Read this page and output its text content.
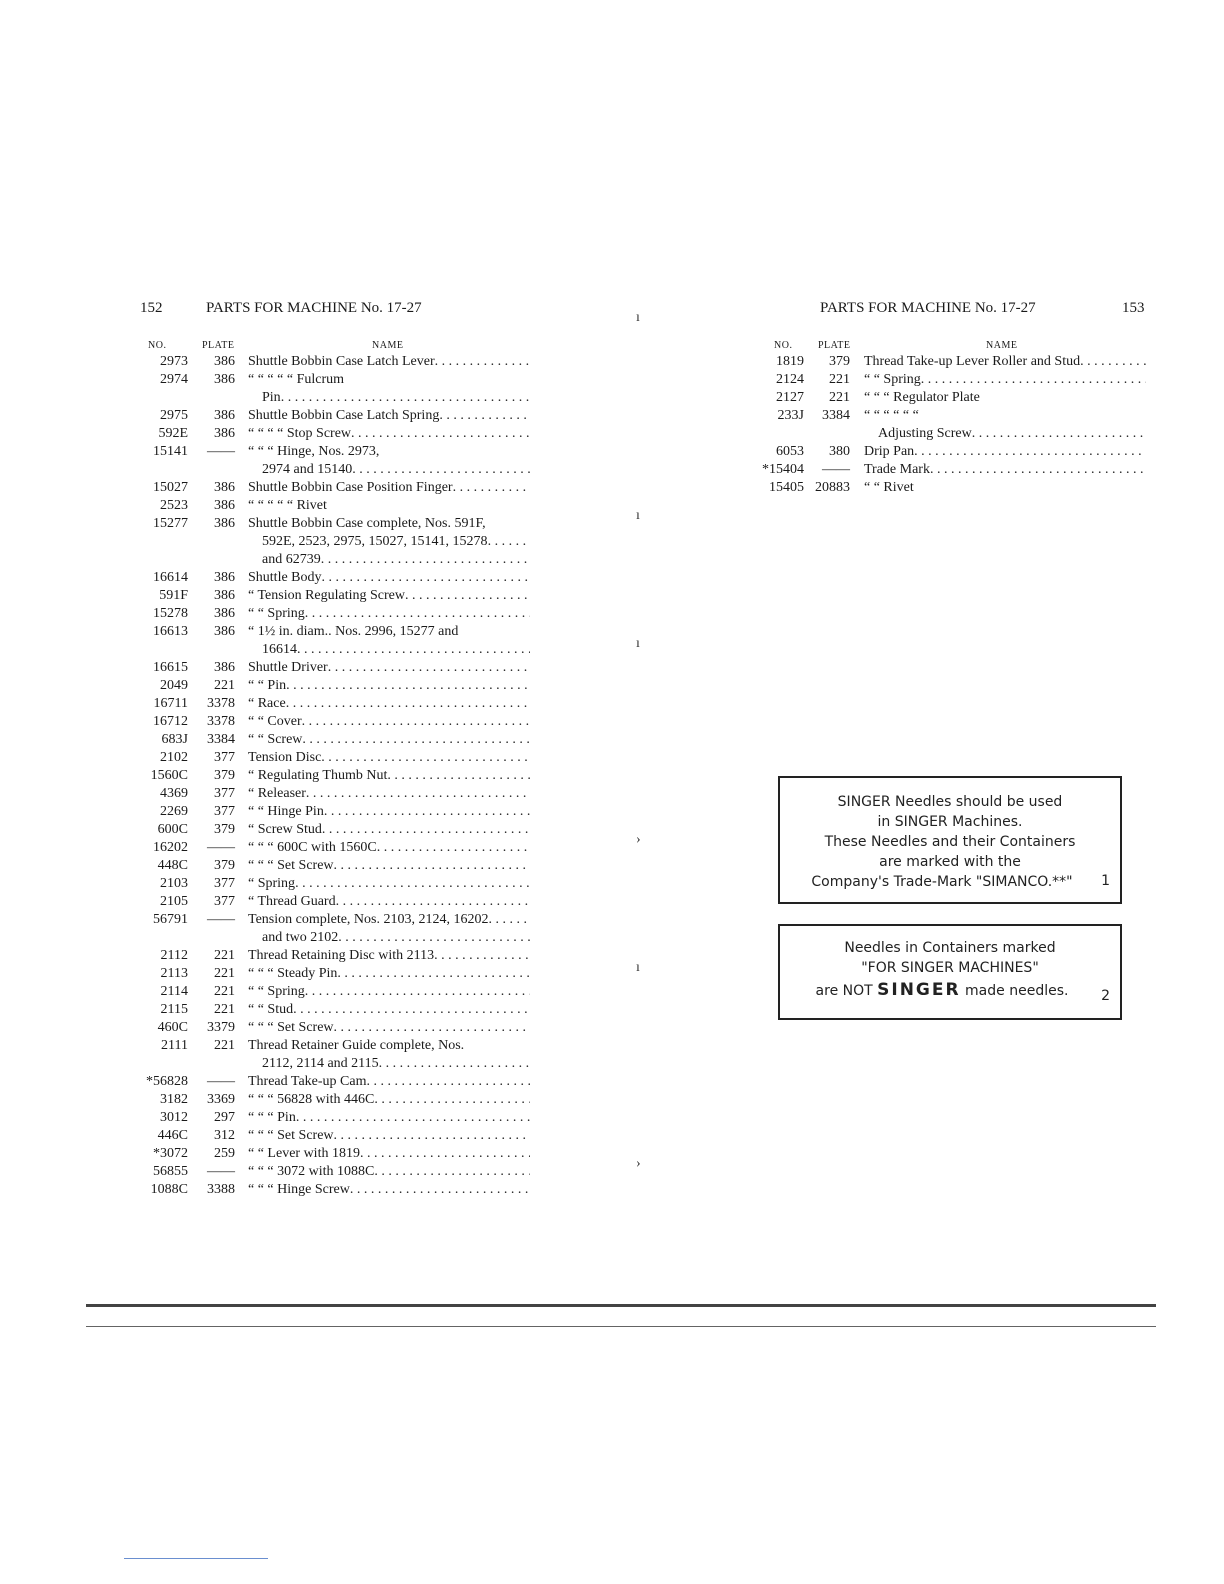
152	PARTS FOR MACHINE No. 17-27
NO.	PLATE	NAME
2973	386 Shuttle Bobbin Case Latch Lever
. . .
2974	386 “ “ “ “ “ Fulcrum
Pin
. . .
2975	386 Shuttle Bobbin Case Latch Spring
. . .
592E	386 “ “ “ “ Stop Screw
. . .
15141	—— “ “ “ Hinge, Nos. 2973,
2974 and 15140
. . .
15027	386 Shuttle Bobbin Case Position Finger
. . .
2523	386 “ “ “ “ “ Rivet
15277	386 Shuttle Bobbin Case complete, Nos. 591F,
592E, 2523, 2975, 15027, 15141, 15278
. . .
and 62739
. . .
16614	386 Shuttle Body
. . .
591F	386 “ Tension Regulating Screw
. . .
15278	386 “ “ Spring
. . .
16613	386 “ 1½ in. diam.. Nos. 2996, 15277 and
16614
. . .
16615	386 Shuttle Driver
. . .
2049	221 “ “ Pin
. . .
16711	3378 “ Race
. . .
16712	3378 “ “ Cover
. . .
683J	3384 “ “ Screw
. . .
2102	377 Tension Disc
. . .
1560C	379 “ Regulating Thumb Nut
. . .
4369	377 “ Releaser
. . .
2269	377 “ “ Hinge Pin
. . .
600C	379 “ Screw Stud
. . .
16202	—— “ “ “ 600C with 1560C
. . .
448C	379 “ “ “ Set Screw
. . .
2103	377 “ Spring
. . .
2105	377 “ Thread Guard
. . .
56791	—— Tension complete, Nos. 2103, 2124, 16202
. . .
and two 2102
. . .
2112	221 Thread Retaining Disc with 2113
. . .
2113	221 “ “ “ Steady Pin
. . .
2114	221 “ “ Spring
. . .
2115	221 “ “ Stud
. . .
460C	3379 “ “ “ Set Screw
. . .
2111	221 Thread Retainer Guide complete, Nos.
2112, 2114 and 2115
. . .
*56828	—— Thread Take-up Cam
. . .
3182	3369 “ “ “ 56828 with 446C
. . .
3012	297 “ “ “ Pin
. . .
446C	312 “ “ “ Set Screw
. . .
*3072	259 “ “ Lever with 1819
. . .
56855	—— “ “ “ 3072 with 1088C
. . .
1088C	3388 “ “ “ Hinge Screw
. . .
PARTS FOR MACHINE No. 17-27	153
NO.	PLATE	NAME
1819	379 Thread Take-up Lever Roller and Stud
. . .
2124	221 “ “ Spring
. . .
2127	221 “ “ “ Regulator Plate
233J	3384 “ “ “ “ “ “
Adjusting Screw
. . .
6053	380 Drip Pan
. . .
*15404	—— Trade Mark
. . .
15405 20883 “ “ Rivet

SINGER Needles should be used

in SINGER Machines.

These Needles and their Containers

are marked with the

Company's Trade-Mark "SIMANCO.**"	1

Needles in Containers marked

"FOR SINGER MACHINES"

are NOT SINGER made needles.	2
ı
ı
ı
›
ı
›
